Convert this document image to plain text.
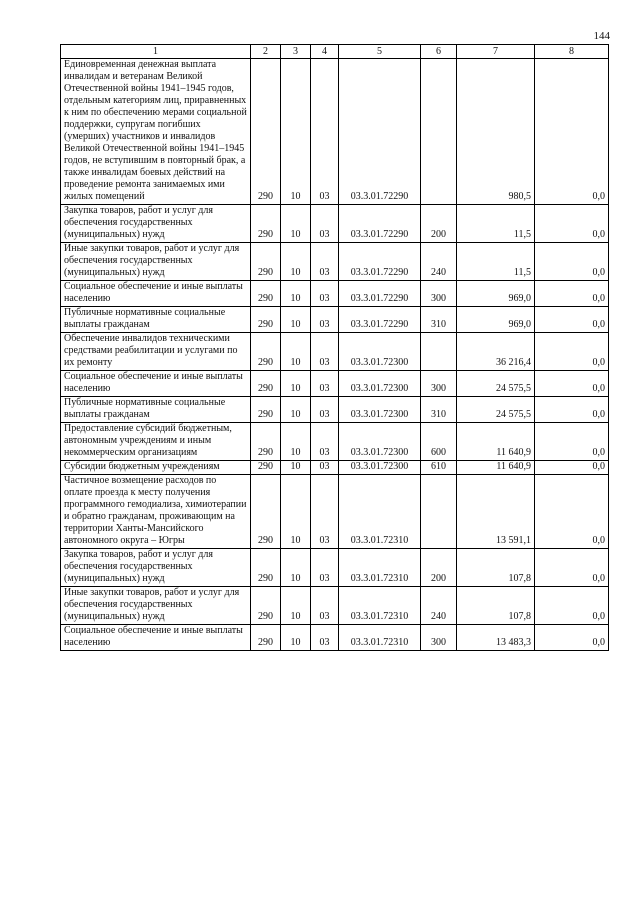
144
1	2	3	4	5	6	7	8
Единовременная денежная выплата инвалидам и ветеранам Великой Отечественной войны 1941–1945 годов, отдельным категориям лиц, приравненных к ним по обеспечению мерами социальной поддержки, супругам погибших (умерших) участников и инвалидов Великой Отечественной войны 1941–1945 годов, не вступившим в повторный брак, а также инвалидам боевых действий на проведение ремонта занимаемых ими жилых помещений	290	10	03	03.3.01.72290		980,5	0,0
Закупка товаров, работ и услуг для обеспечения государственных (муниципальных) нужд	290	10	03	03.3.01.72290	200	11,5	0,0
Иные закупки товаров, работ и услуг для обеспечения государственных (муниципальных) нужд	290	10	03	03.3.01.72290	240	11,5	0,0
Социальное обеспечение и иные выплаты населению	290	10	03	03.3.01.72290	300	969,0	0,0
Публичные нормативные социальные выплаты гражданам	290	10	03	03.3.01.72290	310	969,0	0,0
Обеспечение инвалидов техническими средствами реабилитации и услугами по их ремонту	290	10	03	03.3.01.72300		36 216,4	0,0
Социальное обеспечение и иные выплаты населению	290	10	03	03.3.01.72300	300	24 575,5	0,0
Публичные нормативные социальные выплаты гражданам	290	10	03	03.3.01.72300	310	24 575,5	0,0
Предоставление субсидий бюджетным, автономным учреждениям и иным некоммерческим организациям	290	10	03	03.3.01.72300	600	11 640,9	0,0
Субсидии бюджетным учреждениям	290	10	03	03.3.01.72300	610	11 640,9	0,0
Частичное возмещение расходов по оплате проезда к месту получения программного гемодиализа, химиотерапии и обратно гражданам, проживающим на территории Ханты-Мансийского автономного округа – Югры	290	10	03	03.3.01.72310		13 591,1	0,0
Закупка товаров, работ и услуг для обеспечения государственных (муниципальных) нужд	290	10	03	03.3.01.72310	200	107,8	0,0
Иные закупки товаров, работ и услуг для обеспечения государственных (муниципальных) нужд	290	10	03	03.3.01.72310	240	107,8	0,0
Социальное обеспечение и иные выплаты населению	290	10	03	03.3.01.72310	300	13 483,3	0,0
